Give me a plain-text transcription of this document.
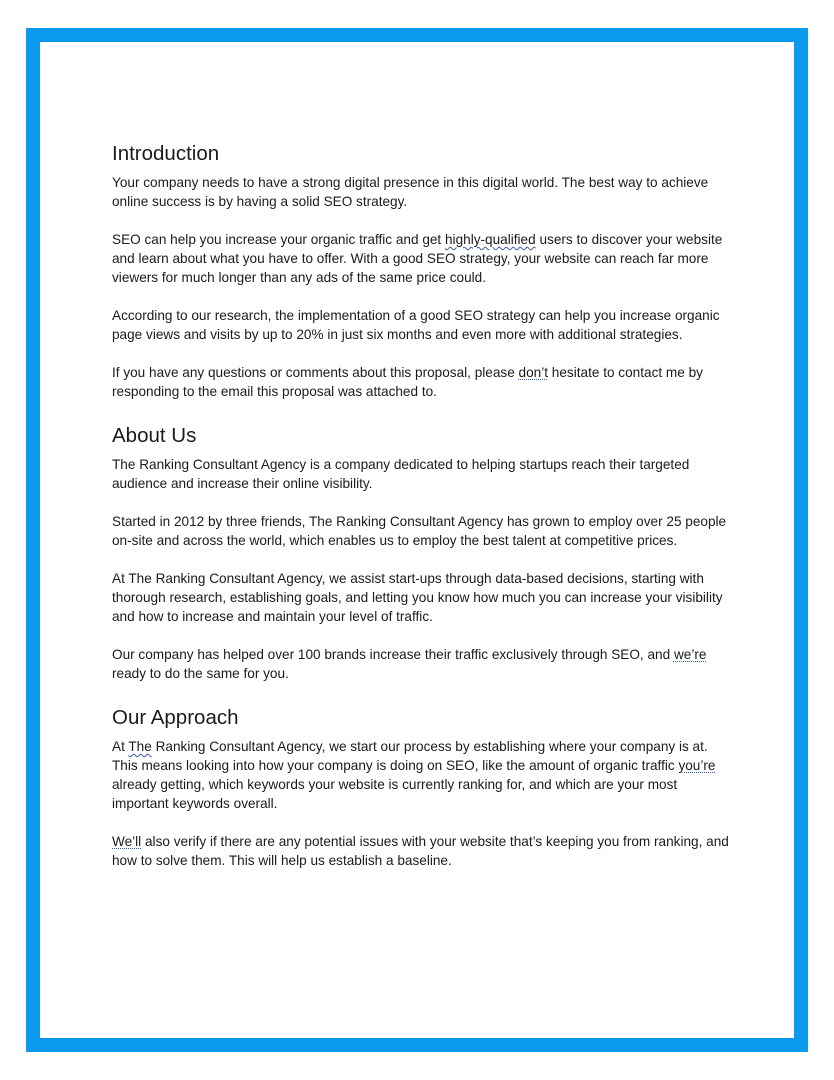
Introduction

Your company needs to have a strong digital presence in this digital world. The best way to achieve online success is by having a solid SEO strategy.

SEO can help you increase your organic traffic and get highly-qualified users to discover your website and learn about what you have to offer. With a good SEO strategy, your website can reach far more viewers for much longer than any ads of the same price could.

According to our research, the implementation of a good SEO strategy can help you increase organic page views and visits by up to 20% in just six months and even more with additional strategies.

If you have any questions or comments about this proposal, please don’t hesitate to contact me by responding to the email this proposal was attached to.

About Us

The Ranking Consultant Agency is a company dedicated to helping startups reach their targeted audience and increase their online visibility.

Started in 2012 by three friends, The Ranking Consultant Agency has grown to employ over 25 people on-site and across the world, which enables us to employ the best talent at competitive prices.

At The Ranking Consultant Agency, we assist start-ups through data-based decisions, starting with thorough research, establishing goals, and letting you know how much you can increase your visibility and how to increase and maintain your level of traffic.

Our company has helped over 100 brands increase their traffic exclusively through SEO, and we’re ready to do the same for you.

Our Approach

At The Ranking Consultant Agency, we start our process by establishing where your company is at. This means looking into how your company is doing on SEO, like the amount of organic traffic you’re already getting, which keywords your website is currently ranking for, and which are your most important keywords overall.

We’ll also verify if there are any potential issues with your website that’s keeping you from ranking, and how to solve them. This will help us establish a baseline.
